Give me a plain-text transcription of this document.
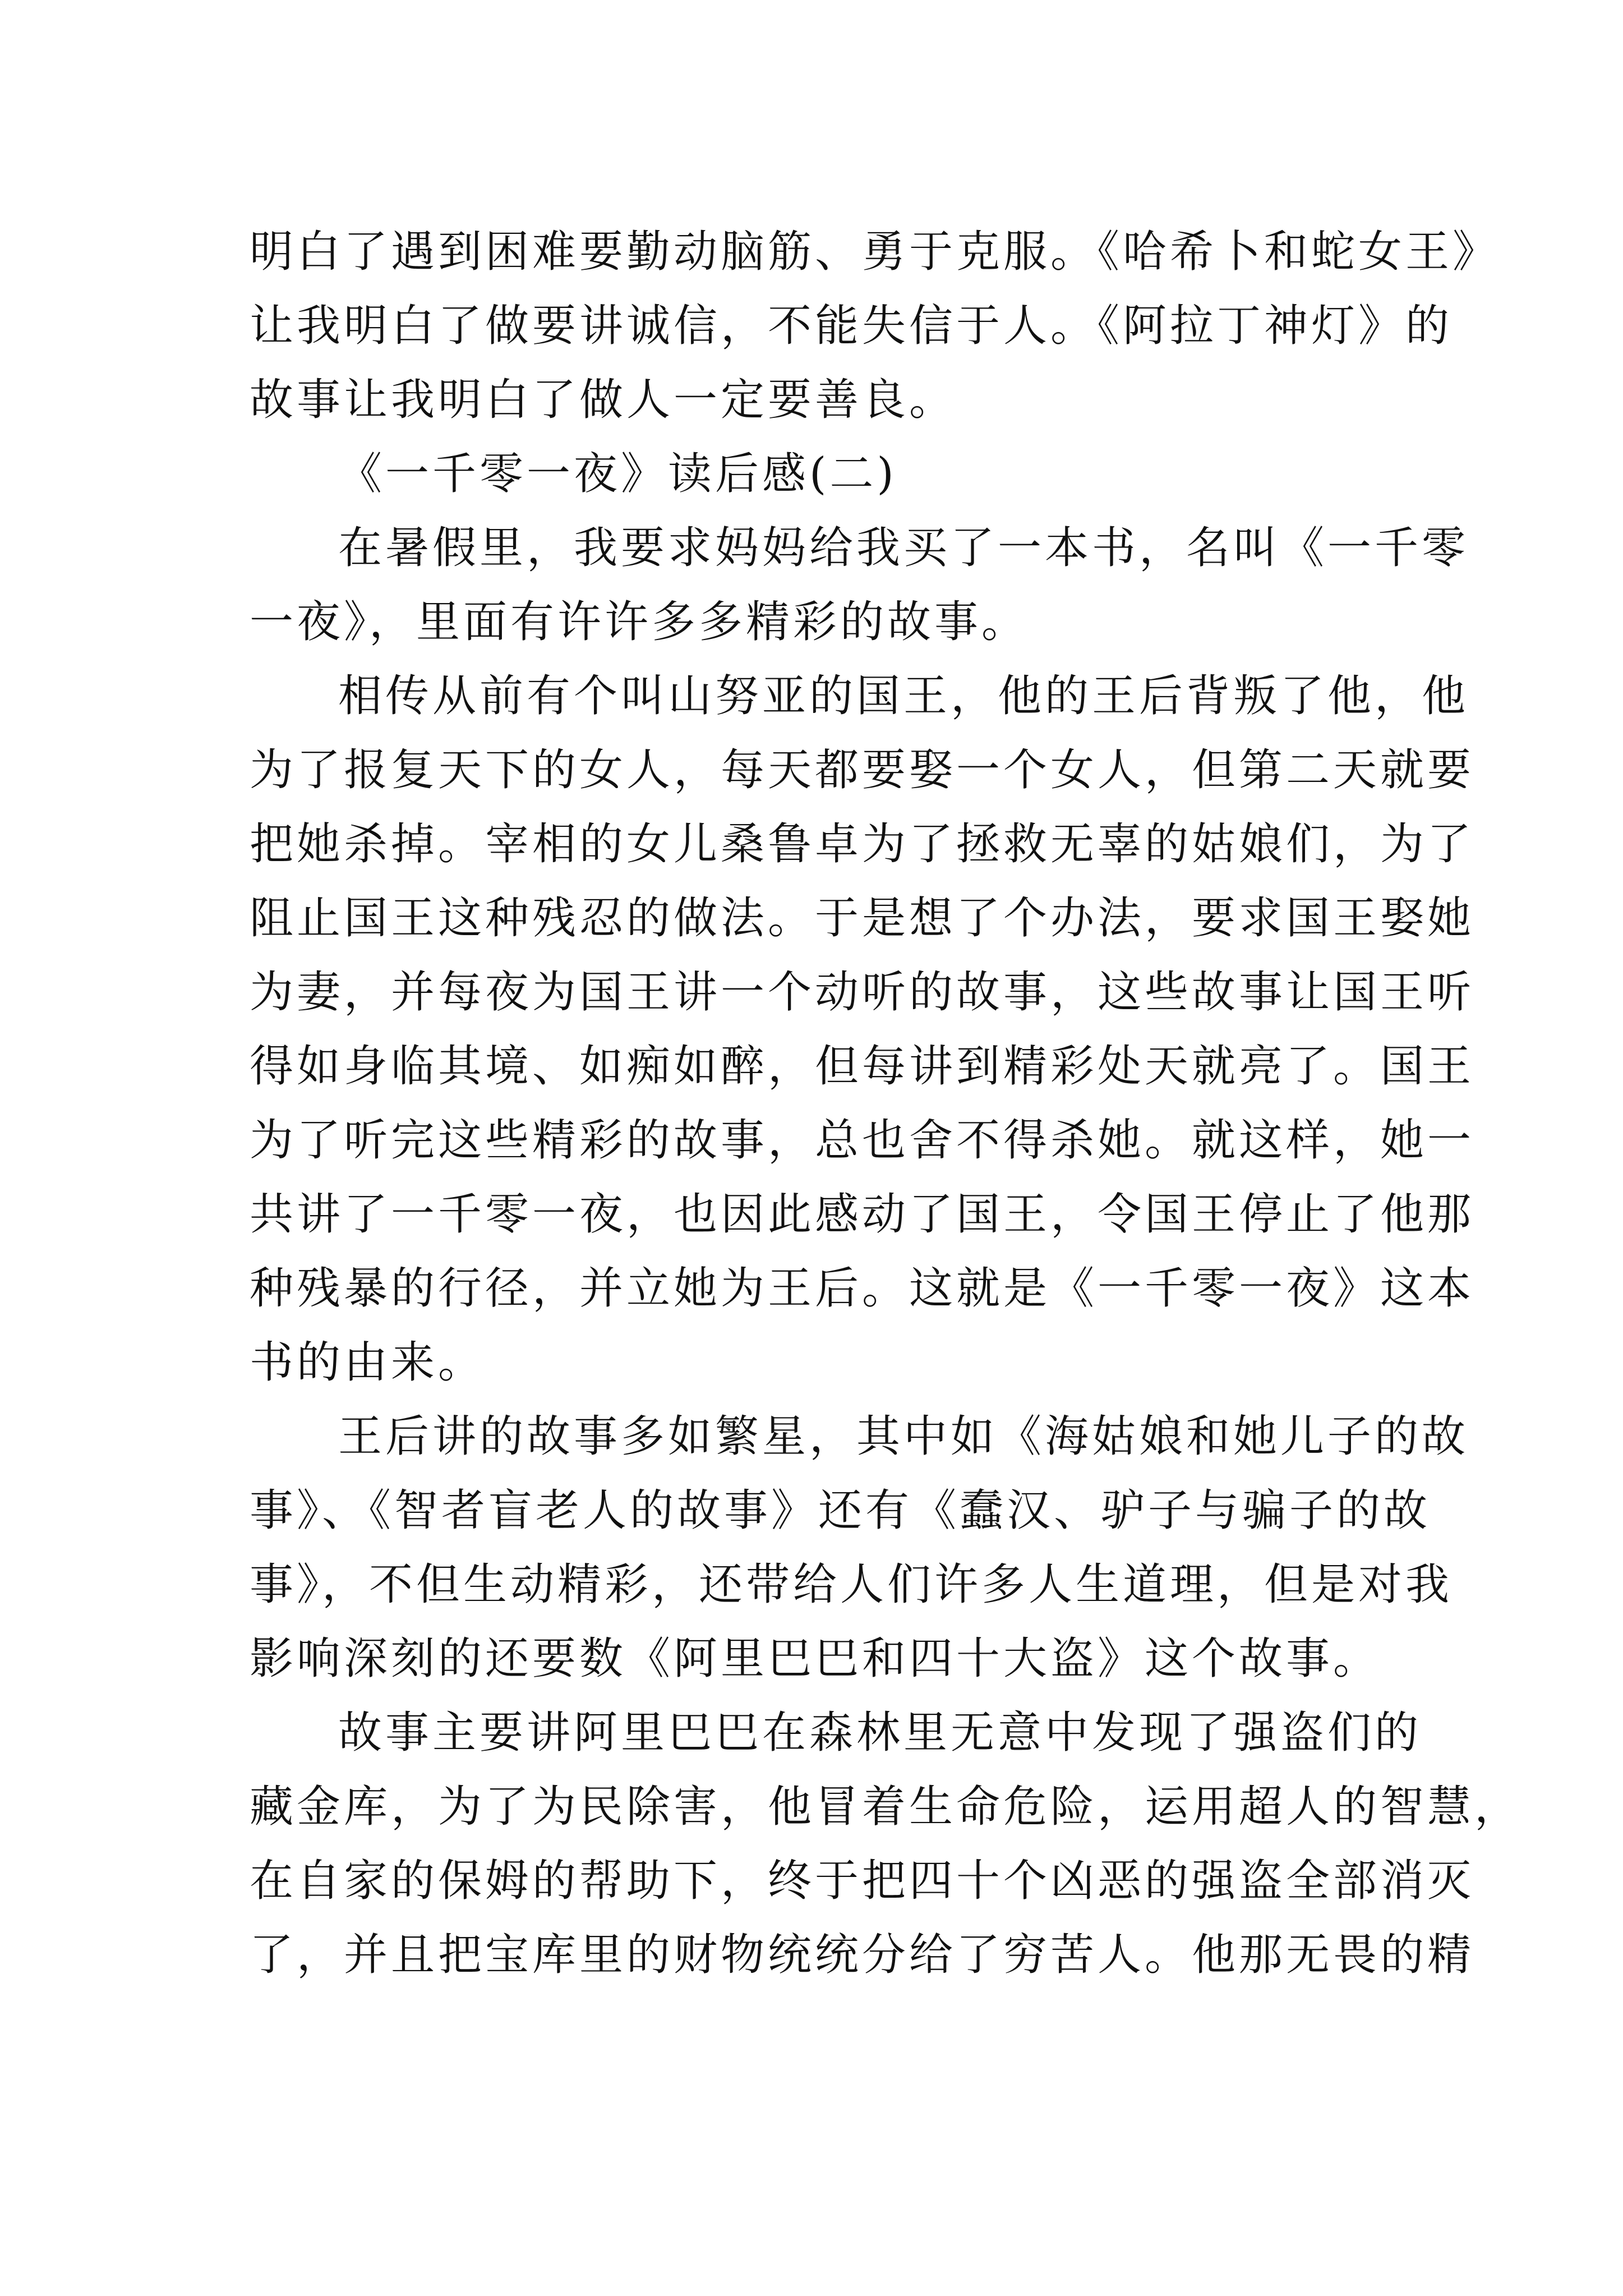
明白了遇到困难要勤动脑筋、勇于克服。《哈希卜和蛇女王》
让我明白了做要讲诚信，不能失信于人。《阿拉丁神灯》的
故事让我明白了做人一定要善良。
《一千零一夜》读后感(二)
在暑假里，我要求妈妈给我买了一本书，名叫《一千零
一夜》，里面有许许多多精彩的故事。
相传从前有个叫山努亚的国王，他的王后背叛了他，他
为了报复天下的女人，每天都要娶一个女人，但第二天就要
把她杀掉。宰相的女儿桑鲁卓为了拯救无辜的姑娘们，为了
阻止国王这种残忍的做法。于是想了个办法，要求国王娶她
为妻，并每夜为国王讲一个动听的故事，这些故事让国王听
得如身临其境、如痴如醉，但每讲到精彩处天就亮了。国王
为了听完这些精彩的故事，总也舍不得杀她。就这样，她一
共讲了一千零一夜，也因此感动了国王，令国王停止了他那
种残暴的行径，并立她为王后。这就是《一千零一夜》这本
书的由来。
王后讲的故事多如繁星，其中如《海姑娘和她儿子的故
事》、《智者盲老人的故事》还有《蠢汉、驴子与骗子的故
事》，不但生动精彩，还带给人们许多人生道理，但是对我
影响深刻的还要数《阿里巴巴和四十大盗》这个故事。
故事主要讲阿里巴巴在森林里无意中发现了强盗们的
藏金库，为了为民除害，他冒着生命危险，运用超人的智慧，
在自家的保姆的帮助下，终于把四十个凶恶的强盗全部消灭
了，并且把宝库里的财物统统分给了穷苦人。他那无畏的精
